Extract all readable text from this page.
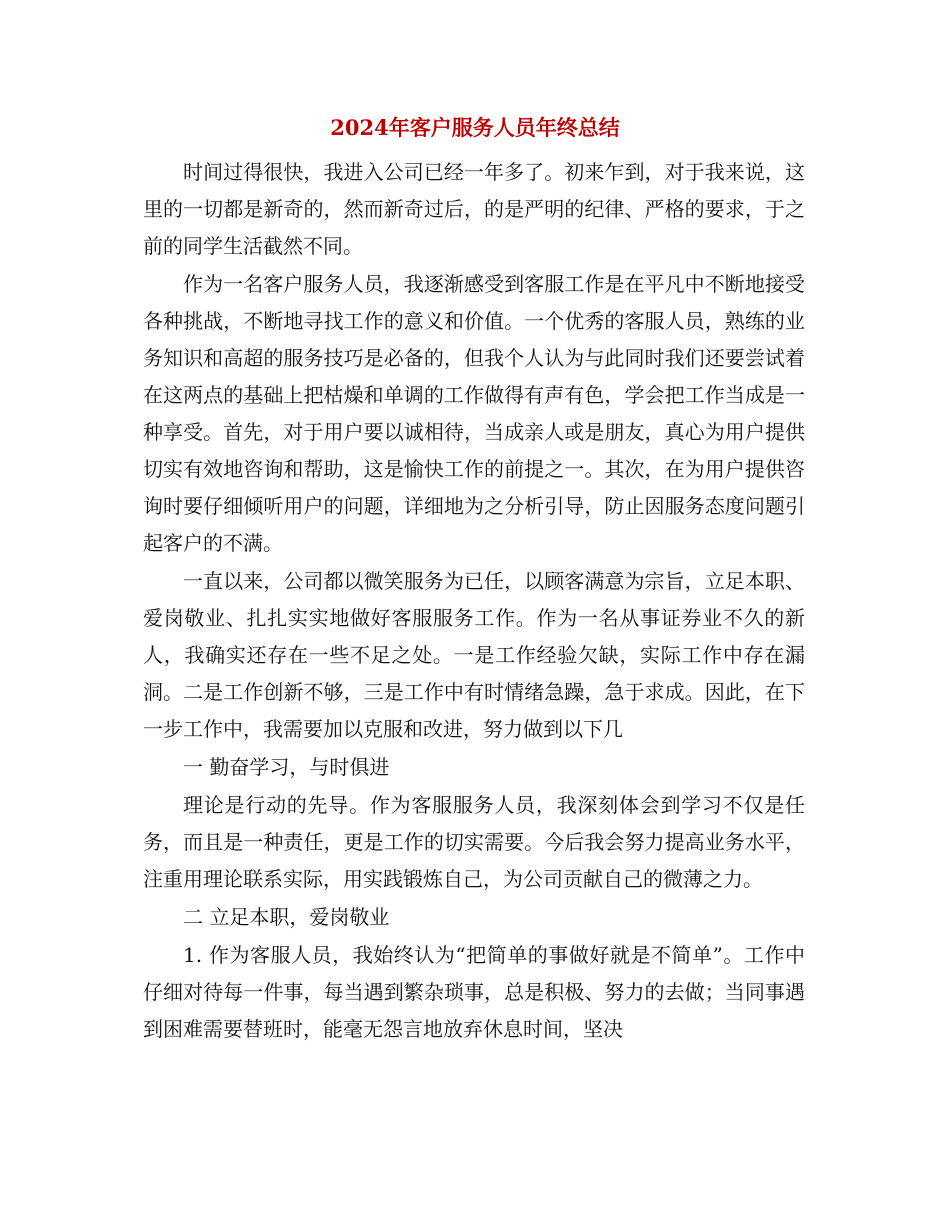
2024年客户服务人员年终总结

时间过得很快，我进入公司已经一年多了。初来乍到，对于我来说，这里的一切都是新奇的，然而新奇过后，的是严明的纪律、严格的要求，于之前的同学生活截然不同。

作为一名客户服务人员，我逐渐感受到客服工作是在平凡中不断地接受各种挑战，不断地寻找工作的意义和价值。一个优秀的客服人员，熟练的业务知识和高超的服务技巧是必备的，但我个人认为与此同时我们还要尝试着在这两点的基础上把枯燥和单调的工作做得有声有色，学会把工作当成是一种享受。首先，对于用户要以诚相待，当成亲人或是朋友，真心为用户提供切实有效地咨询和帮助，这是愉快工作的前提之一。其次，在为用户提供咨询时要仔细倾听用户的问题，详细地为之分析引导，防止因服务态度问题引起客户的不满。

一直以来，公司都以微笑服务为已任，以顾客满意为宗旨，立足本职、爱岗敬业、扎扎实实地做好客服服务工作。作为一名从事证券业不久的新人，我确实还存在一些不足之处。一是工作经验欠缺，实际工作中存在漏洞。二是工作创新不够，三是工作中有时情绪急躁，急于求成。因此，在下一步工作中，我需要加以克服和改进，努力做到以下几

一 勤奋学习，与时俱进

理论是行动的先导。作为客服服务人员，我深刻体会到学习不仅是任务，而且是一种责任，更是工作的切实需要。今后我会努力提高业务水平，注重用理论联系实际，用实践锻炼自己，为公司贡献自己的微薄之力。

二 立足本职，爱岗敬业

1. 作为客服人员，我始终认为“把简单的事做好就是不简单”。工作中仔细对待每一件事，每当遇到繁杂琐事，总是积极、努力的去做；当同事遇到困难需要替班时，能毫无怨言地放弃休息时间，坚决
